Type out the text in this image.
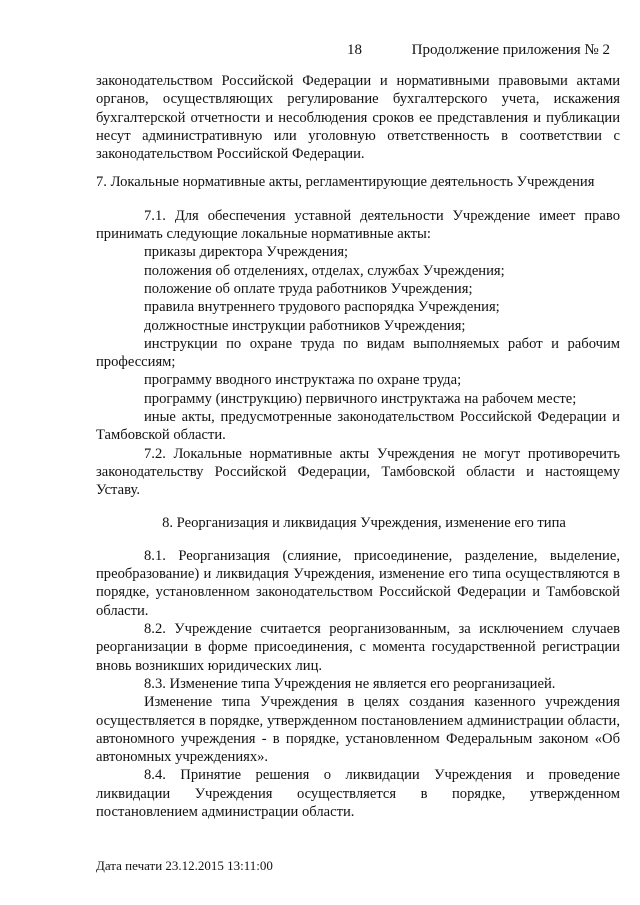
18	Продолжение приложения № 2

законодательством Российской Федерации и нормативными правовыми актами органов, осуществляющих регулирование бухгалтерского учета, искажения бухгалтерской отчетности и несоблюдения сроков ее представления и публикации несут административную или уголовную ответственность в соответствии с законодательством Российской Федерации.

7. Локальные нормативные акты, регламентирующие деятельность Учреждения

7.1. Для обеспечения уставной деятельности Учреждение имеет право принимать следующие локальные нормативные акты:

приказы директора Учреждения;

положения об отделениях, отделах, службах Учреждения;

положение об оплате труда работников Учреждения;

правила внутреннего трудового распорядка Учреждения;

должностные инструкции работников Учреждения;

инструкции по охране труда по видам выполняемых работ и рабочим профессиям;

программу вводного инструктажа по охране труда;

программу (инструкцию) первичного инструктажа на рабочем месте;

иные акты, предусмотренные законодательством Российской Федерации и Тамбовской области.

7.2. Локальные нормативные акты Учреждения не могут противоречить законодательству Российской Федерации, Тамбовской области и настоящему Уставу.

8. Реорганизация и ликвидация Учреждения, изменение его типа

8.1. Реорганизация (слияние, присоединение, разделение, выделение, преобразование) и ликвидация Учреждения, изменение его типа осуществляются в порядке, установленном законодательством Российской Федерации и Тамбовской области.

8.2. Учреждение считается реорганизованным, за исключением случаев реорганизации в форме присоединения, с момента государственной регистрации вновь возникших юридических лиц.

8.3. Изменение типа Учреждения не является его реорганизацией.

Изменение типа Учреждения в целях создания казенного учреждения осуществляется в порядке, утвержденном постановлением администрации области, автономного учреждения - в порядке, установленном Федеральным законом «Об автономных учреждениях».

8.4. Принятие решения о ликвидации Учреждения и проведение ликвидации Учреждения осуществляется в порядке, утвержденном постановлением администрации области.

Дата печати 23.12.2015 13:11:00
